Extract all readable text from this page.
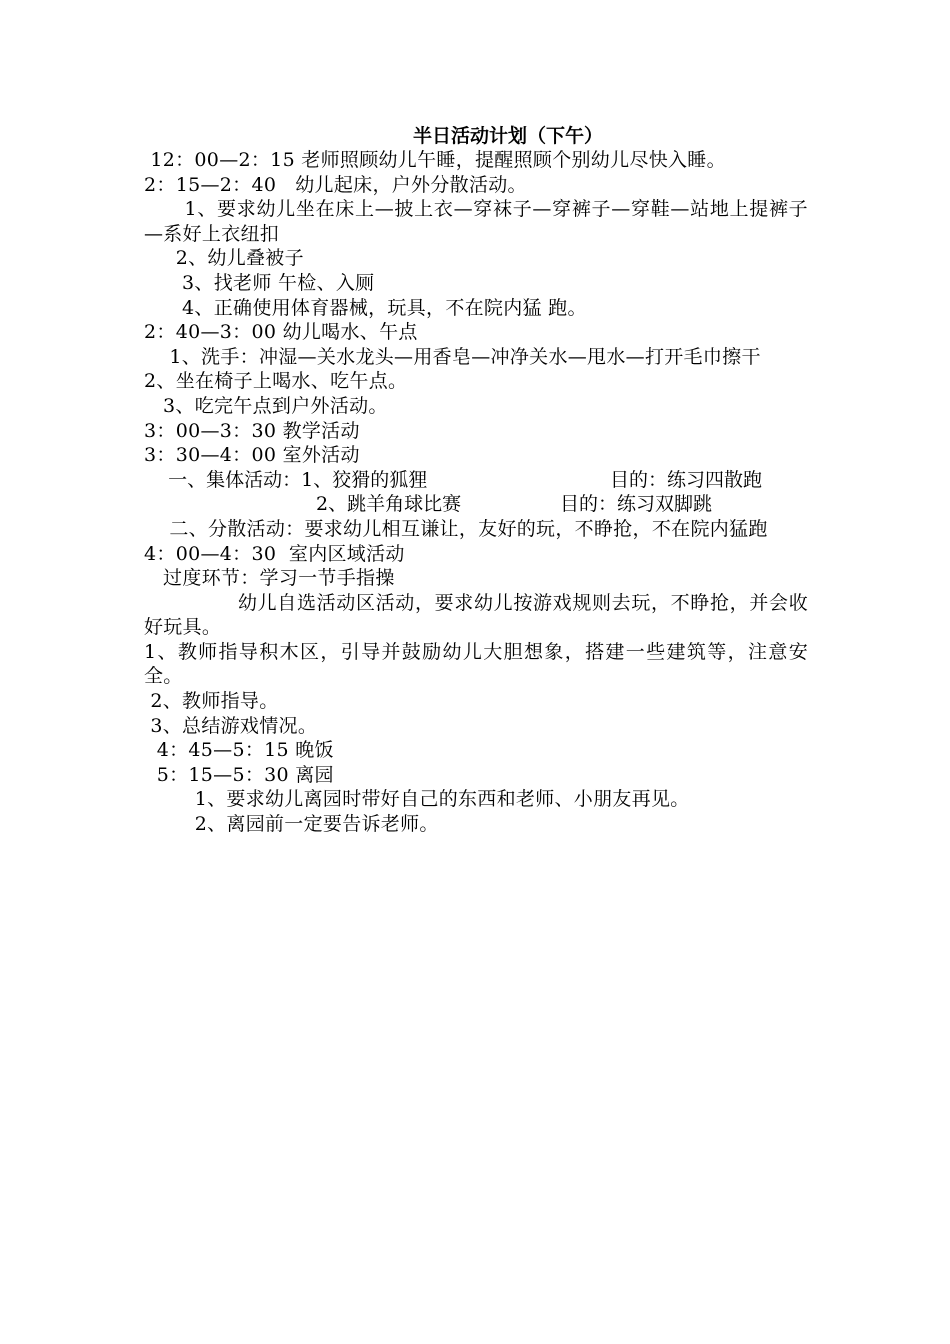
半日活动计划（下午）

12：00—2：15 老师照顾幼儿午睡，提醒照顾个别幼儿尽快入睡。

2：15—2：40   幼儿起床，户外分散活动。

1、要求幼儿坐在床上—披上衣—穿袜子—穿裤子—穿鞋—站地上提裤子—系好上衣纽扣

2、幼儿叠被子

3、找老师 午检、入厕

4、正确使用体育器械，玩具，不在院内猛 跑。

2：40—3：00 幼儿喝水、午点

1、洗手：冲湿—关水龙头—用香皂—冲净关水—甩水—打开毛巾擦干

2、坐在椅子上喝水、吃午点。

3、吃完午点到户外活动。

3：00—3：30 教学活动

3：30—4：00 室外活动

一、集体活动：1、狡猾的狐狸	目的：练习四散跑
2、跳羊角球比赛	目的：练习双脚跳

二、分散活动：要求幼儿相互谦让，友好的玩，不睁抢，不在院内猛跑

4：00—4：30  室内区域活动

过度环节：学习一节手指操

幼儿自选活动区活动，要求幼儿按游戏规则去玩，不睁抢，并会收好玩具。

1、教师指导积木区，引导并鼓励幼儿大胆想象，搭建一些建筑等，注意安全。

2、教师指导。

3、总结游戏情况。

4：45—5：15 晚饭

5：15—5：30 离园

1、要求幼儿离园时带好自己的东西和老师、小朋友再见。

2、离园前一定要告诉老师。
